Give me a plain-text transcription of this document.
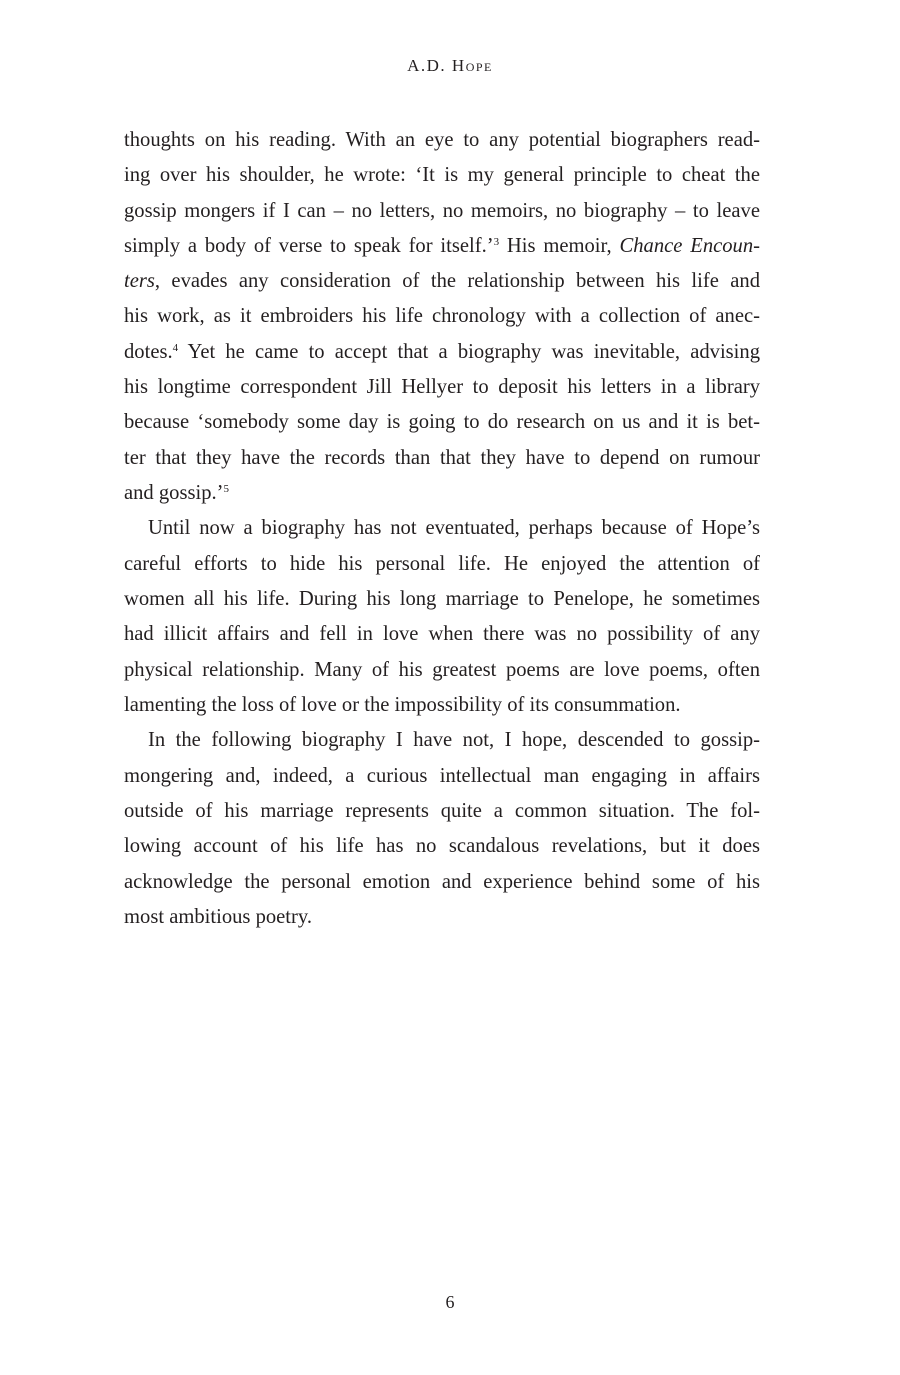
A.D. Hope
thoughts on his reading. With an eye to any potential biographers read-
ing over his shoulder, he wrote: ‘It is my general principle to cheat the
gossip mongers if I can – no letters, no memoirs, no biography – to leave
simply a body of verse to speak for itself.’$^3$ His memoir, Chance Encoun-
ters, evades any consideration of the relationship between his life and
his work, as it embroiders his life chronology with a collection of anec-
dotes.$^4$ Yet he came to accept that a biography was inevitable, advising
his longtime correspondent Jill Hellyer to deposit his letters in a library
because ‘somebody some day is going to do research on us and it is bet-
ter that they have the records than that they have to depend on rumour
and gossip.’$^5$
Until now a biography has not eventuated, perhaps because of Hope’s
careful efforts to hide his personal life. He enjoyed the attention of
women all his life. During his long marriage to Penelope, he sometimes
had illicit affairs and fell in love when there was no possibility of any
physical relationship. Many of his greatest poems are love poems, often
lamenting the loss of love or the impossibility of its consummation.
In the following biography I have not, I hope, descended to gossip-
mongering and, indeed, a curious intellectual man engaging in affairs
outside of his marriage represents quite a common situation. The fol-
lowing account of his life has no scandalous revelations, but it does
acknowledge the personal emotion and experience behind some of his
most ambitious poetry.
6
